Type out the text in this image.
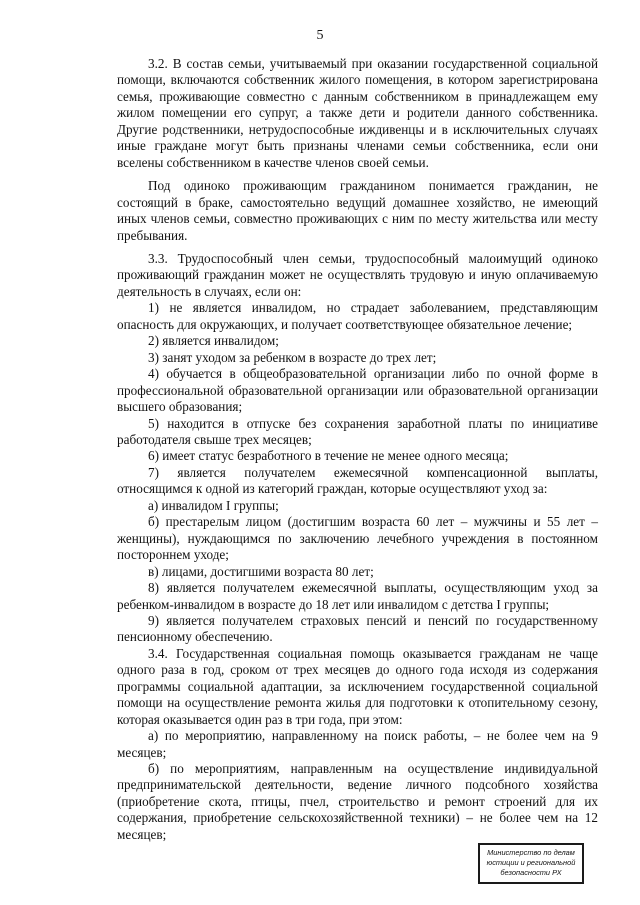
5

3.2. В состав семьи, учитываемый при оказании государственной социальной помощи, включаются собственник жилого помещения, в котором зарегистрирована семья, проживающие совместно с данным собственником в принадлежащем ему жилом помещении его супруг, а также дети и родители данного собственника. Другие родственники, нетрудоспособные иждивенцы и в исключительных случаях иные граждане могут быть признаны членами семьи собственника, если они вселены собственником в качестве членов своей семьи.

Под одиноко проживающим гражданином понимается гражданин, не состоящий в браке, самостоятельно ведущий домашнее хозяйство, не имеющий иных членов семьи, совместно проживающих с ним по месту жительства или месту пребывания.

3.3. Трудоспособный член семьи, трудоспособный малоимущий одиноко проживающий гражданин может не осуществлять трудовую и иную оплачиваемую деятельность в случаях, если он:

1) не является инвалидом, но страдает заболеванием, представляющим опасность для окружающих, и получает соответствующее обязательное лечение;

2) является инвалидом;

3) занят уходом за ребенком в возрасте до трех лет;

4) обучается в общеобразовательной организации либо по очной форме в профессиональной образовательной организации или образовательной организации высшего образования;

5) находится в отпуске без сохранения заработной платы по инициативе работодателя свыше трех месяцев;

6) имеет статус безработного в течение не менее одного месяца;

7) является получателем ежемесячной компенсационной выплаты, относящимся к одной из категорий граждан, которые осуществляют уход за:

а) инвалидом I группы;

б) престарелым лицом (достигшим возраста 60 лет – мужчины и 55 лет – женщины), нуждающимся по заключению лечебного учреждения в постоянном постороннем уходе;

в) лицами, достигшими возраста 80 лет;

8) является получателем ежемесячной выплаты, осуществляющим уход за ребенком-инвалидом в возрасте до 18 лет или инвалидом с детства I группы;

9) является получателем страховых пенсий и пенсий по государственному пенсионному обеспечению.

3.4. Государственная социальная помощь оказывается гражданам не чаще одного раза в год, сроком от трех месяцев до одного года исходя из содержания программы социальной адаптации, за исключением государственной социальной помощи на осуществление ремонта жилья для подготовки к отопительному сезону, которая оказывается один раз в три года, при этом:

а) по мероприятию, направленному на поиск работы, – не более чем на 9 месяцев;

б) по мероприятиям, направленным на осуществление индивидуальной предпринимательской деятельности, ведение личного подсобного хозяйства (приобретение скота, птицы, пчел, строительство и ремонт строений для их содержания, приобретение сельскохозяйственной техники) – не более чем на 12 месяцев;

Министерство по делам
юстиции и региональной
безопасности РХ
